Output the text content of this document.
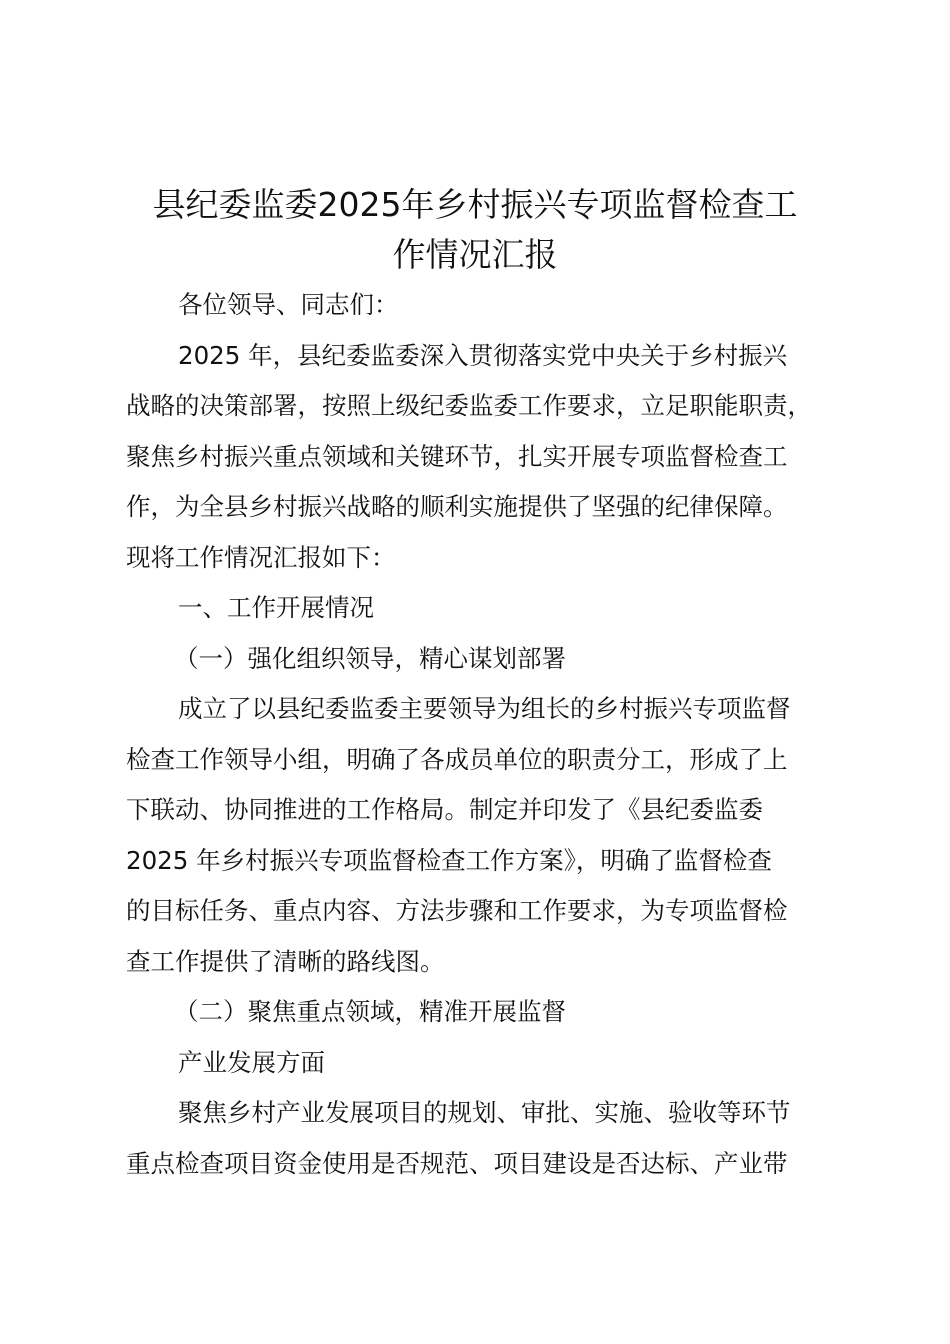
县纪委监委2025年乡村振兴专项监督检查工
作情况汇报
各位领导、同志们：
2025 年，县纪委监委深入贯彻落实党中央关于乡村振兴
战略的决策部署，按照上级纪委监委工作要求，立足职能职责，
聚焦乡村振兴重点领域和关键环节，扎实开展专项监督检查工
作，为全县乡村振兴战略的顺利实施提供了坚强的纪律保障。
现将工作情况汇报如下：
一、工作开展情况
（一）强化组织领导，精心谋划部署
成立了以县纪委监委主要领导为组长的乡村振兴专项监督
检查工作领导小组，明确了各成员单位的职责分工，形成了上
下联动、协同推进的工作格局。制定并印发了《县纪委监委
2025 年乡村振兴专项监督检查工作方案》，明确了监督检查
的目标任务、重点内容、方法步骤和工作要求，为专项监督检
查工作提供了清晰的路线图。
（二）聚焦重点领域，精准开展监督
产业发展方面
聚焦乡村产业发展项目的规划、审批、实施、验收等环节
重点检查项目资金使用是否规范、项目建设是否达标、产业带
